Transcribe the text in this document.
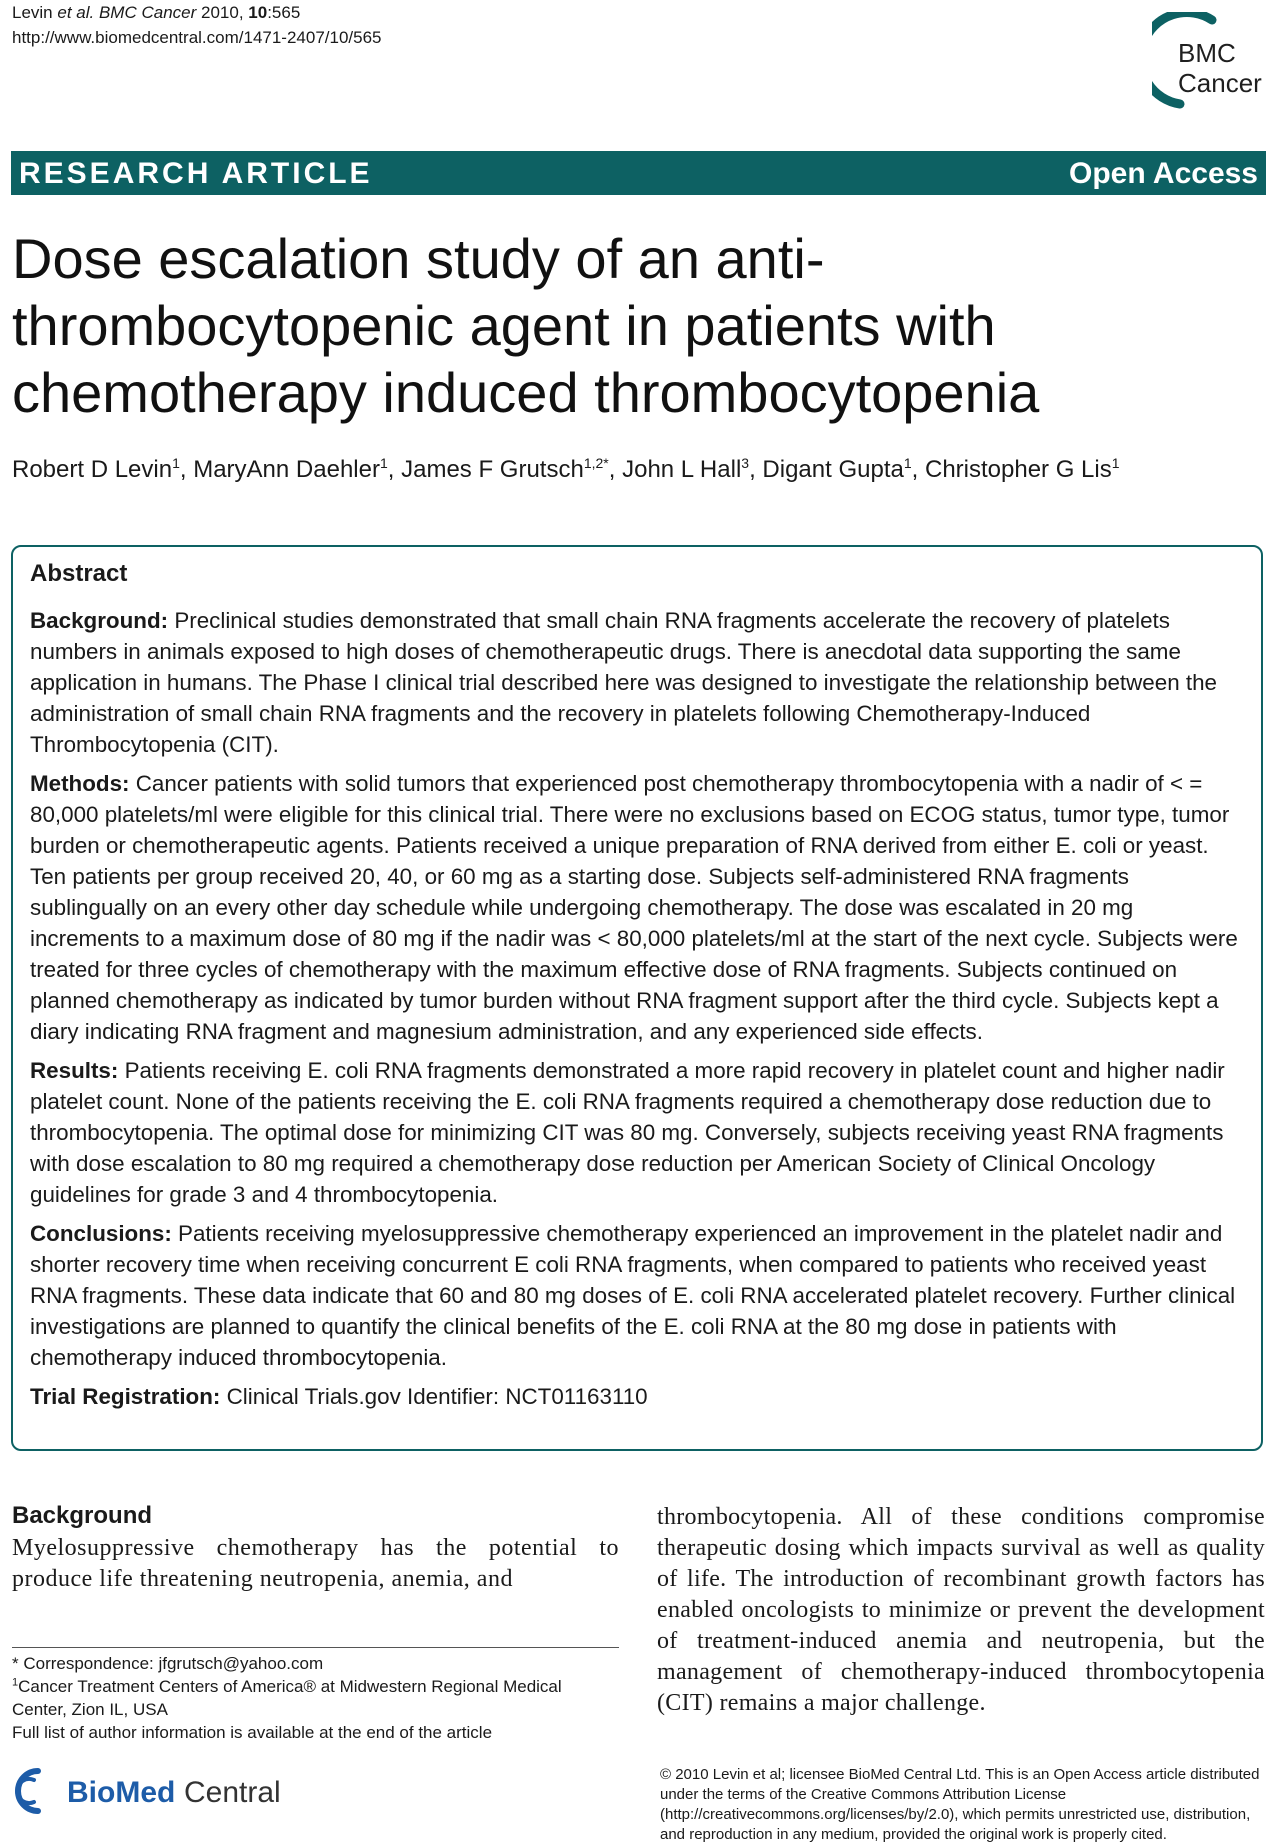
Levin et al. BMC Cancer 2010, 10:565
http://www.biomedcentral.com/1471-2407/10/565
BMC
Cancer
RESEARCH ARTICLE	Open Access
Dose escalation study of an anti-thrombocytopenic agent in patients with chemotherapy induced thrombocytopenia
Robert D Levin$^1$, MaryAnn Daehler$^1$, James F Grutsch$^{1,2*}$, John L Hall$^3$, Digant Gupta$^1$, Christopher G Lis$^1$
Abstract

Background: Preclinical studies demonstrated that small chain RNA fragments accelerate the recovery of platelets numbers in animals exposed to high doses of chemotherapeutic drugs. There is anecdotal data supporting the same application in humans. The Phase I clinical trial described here was designed to investigate the relationship between the administration of small chain RNA fragments and the recovery in platelets following Chemotherapy-Induced Thrombocytopenia (CIT).

Methods: Cancer patients with solid tumors that experienced post chemotherapy thrombocytopenia with a nadir of < = 80,000 platelets/ml were eligible for this clinical trial. There were no exclusions based on ECOG status, tumor type, tumor burden or chemotherapeutic agents. Patients received a unique preparation of RNA derived from either E. coli or yeast. Ten patients per group received 20, 40, or 60 mg as a starting dose. Subjects self-administered RNA fragments sublingually on an every other day schedule while undergoing chemotherapy. The dose was escalated in 20 mg increments to a maximum dose of 80 mg if the nadir was < 80,000 platelets/ml at the start of the next cycle. Subjects were treated for three cycles of chemotherapy with the maximum effective dose of RNA fragments. Subjects continued on planned chemotherapy as indicated by tumor burden without RNA fragment support after the third cycle. Subjects kept a diary indicating RNA fragment and magnesium administration, and any experienced side effects.

Results: Patients receiving E. coli RNA fragments demonstrated a more rapid recovery in platelet count and higher nadir platelet count. None of the patients receiving the E. coli RNA fragments required a chemotherapy dose reduction due to thrombocytopenia. The optimal dose for minimizing CIT was 80 mg. Conversely, subjects receiving yeast RNA fragments with dose escalation to 80 mg required a chemotherapy dose reduction per American Society of Clinical Oncology guidelines for grade 3 and 4 thrombocytopenia.

Conclusions: Patients receiving myelosuppressive chemotherapy experienced an improvement in the platelet nadir and shorter recovery time when receiving concurrent E coli RNA fragments, when compared to patients who received yeast RNA fragments. These data indicate that 60 and 80 mg doses of E. coli RNA accelerated platelet recovery. Further clinical investigations are planned to quantify the clinical benefits of the E. coli RNA at the 80 mg dose in patients with chemotherapy induced thrombocytopenia.

Trial Registration: Clinical Trials.gov Identifier: NCT01163110

Background
Myelosuppressive chemotherapy has the potential to produce life threatening neutropenia, anemia, and
thrombocytopenia. All of these conditions compromise therapeutic dosing which impacts survival as well as quality of life. The introduction of recombinant growth factors has enabled oncologists to minimize or prevent the development of treatment-induced anemia and neutropenia, but the management of chemotherapy-induced thrombocytopenia (CIT) remains a major challenge.
* Correspondence: jfgrutsch@yahoo.com
$^1$Cancer Treatment Centers of America® at Midwestern Regional Medical Center, Zion IL, USA
Full list of author information is available at the end of the article
BioMed Central
© 2010 Levin et al; licensee BioMed Central Ltd. This is an Open Access article distributed under the terms of the Creative Commons Attribution License (http://creativecommons.org/licenses/by/2.0), which permits unrestricted use, distribution, and reproduction in any medium, provided the original work is properly cited.
